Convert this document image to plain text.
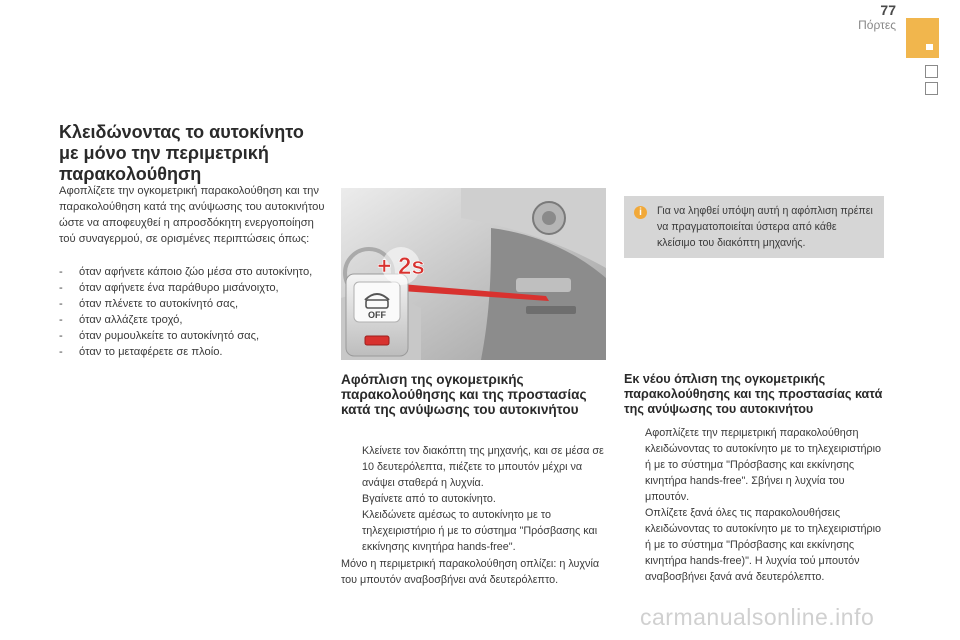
77
Πόρτες
Κλειδώνοντας το αυτοκίνητο με μόνο την περιμετρική παρακολούθηση
Αφοπλίζετε την ογκομετρική παρακολούθηση και την παρακολούθηση κατά της ανύψωσης του αυτοκινήτου ώστε να αποφευχθεί η απροσδόκητη ενεργοποίηση τού συναγερμού, σε ορισμένες περιπτώσεις όπως:
- όταν αφήνετε κάποιο ζώο μέσα στο αυτοκίνητο,
- όταν αφήνετε ένα παράθυρο μισάνοιχτο,
- όταν πλένετε το αυτοκίνητό σας,
- όταν αλλάζετε τροχό,
- όταν ρυμουλκείτε το αυτοκίνητό σας,
- όταν το μεταφέρετε σε πλοίο.
OFF
+ 2s
i	Για να ληφθεί υπόψη αυτή η αφόπλιση πρέπει να πραγματοποιείται ύστερα από κάθε κλείσιμο του διακόπτη μηχανής.
Αφόπλιση της ογκομετρικής παρακολούθησης και της προστασίας κατά της ανύψωσης του αυτοκινήτου
Κλείνετε τον διακόπτη της μηχανής, και σε μέσα σε 10 δευτερόλεπτα, πιέζετε το μπουτόν μέχρι να ανάψει σταθερά η λυχνία.
Βγαίνετε από το αυτοκίνητο.
Κλειδώνετε αμέσως το αυτοκίνητο με το τηλεχειριστήριο ή με το σύστημα "Πρόσβασης και εκκίνησης κινητήρα hands-free".
Μόνο η περιμετρική παρακολούθηση οπλίζει: η λυχνία του μπουτόν αναβοσβήνει ανά δευτερόλεπτο.
Εκ νέου όπλιση της ογκομετρικής παρακολούθησης και της προστασίας κατά της ανύψωσης του αυτοκινήτου
Αφοπλίζετε την περιμετρική παρακολούθηση κλειδώνοντας το αυτοκίνητο με το τηλεχειριστήριο ή με το σύστημα "Πρόσβασης και εκκίνησης κινητήρα hands-free". Σβήνει η λυχνία του μπουτόν.
Οπλίζετε ξανά όλες τις παρακολουθήσεις κλειδώνοντας το αυτοκίνητο με το τηλεχειριστήριο ή με το σύστημα "Πρόσβασης και εκκίνησης κινητήρα hands-free)". Η λυχνία τού μπουτόν αναβοσβήνει ξανά ανά δευτερόλεπτο.
carmanualsonline.info
